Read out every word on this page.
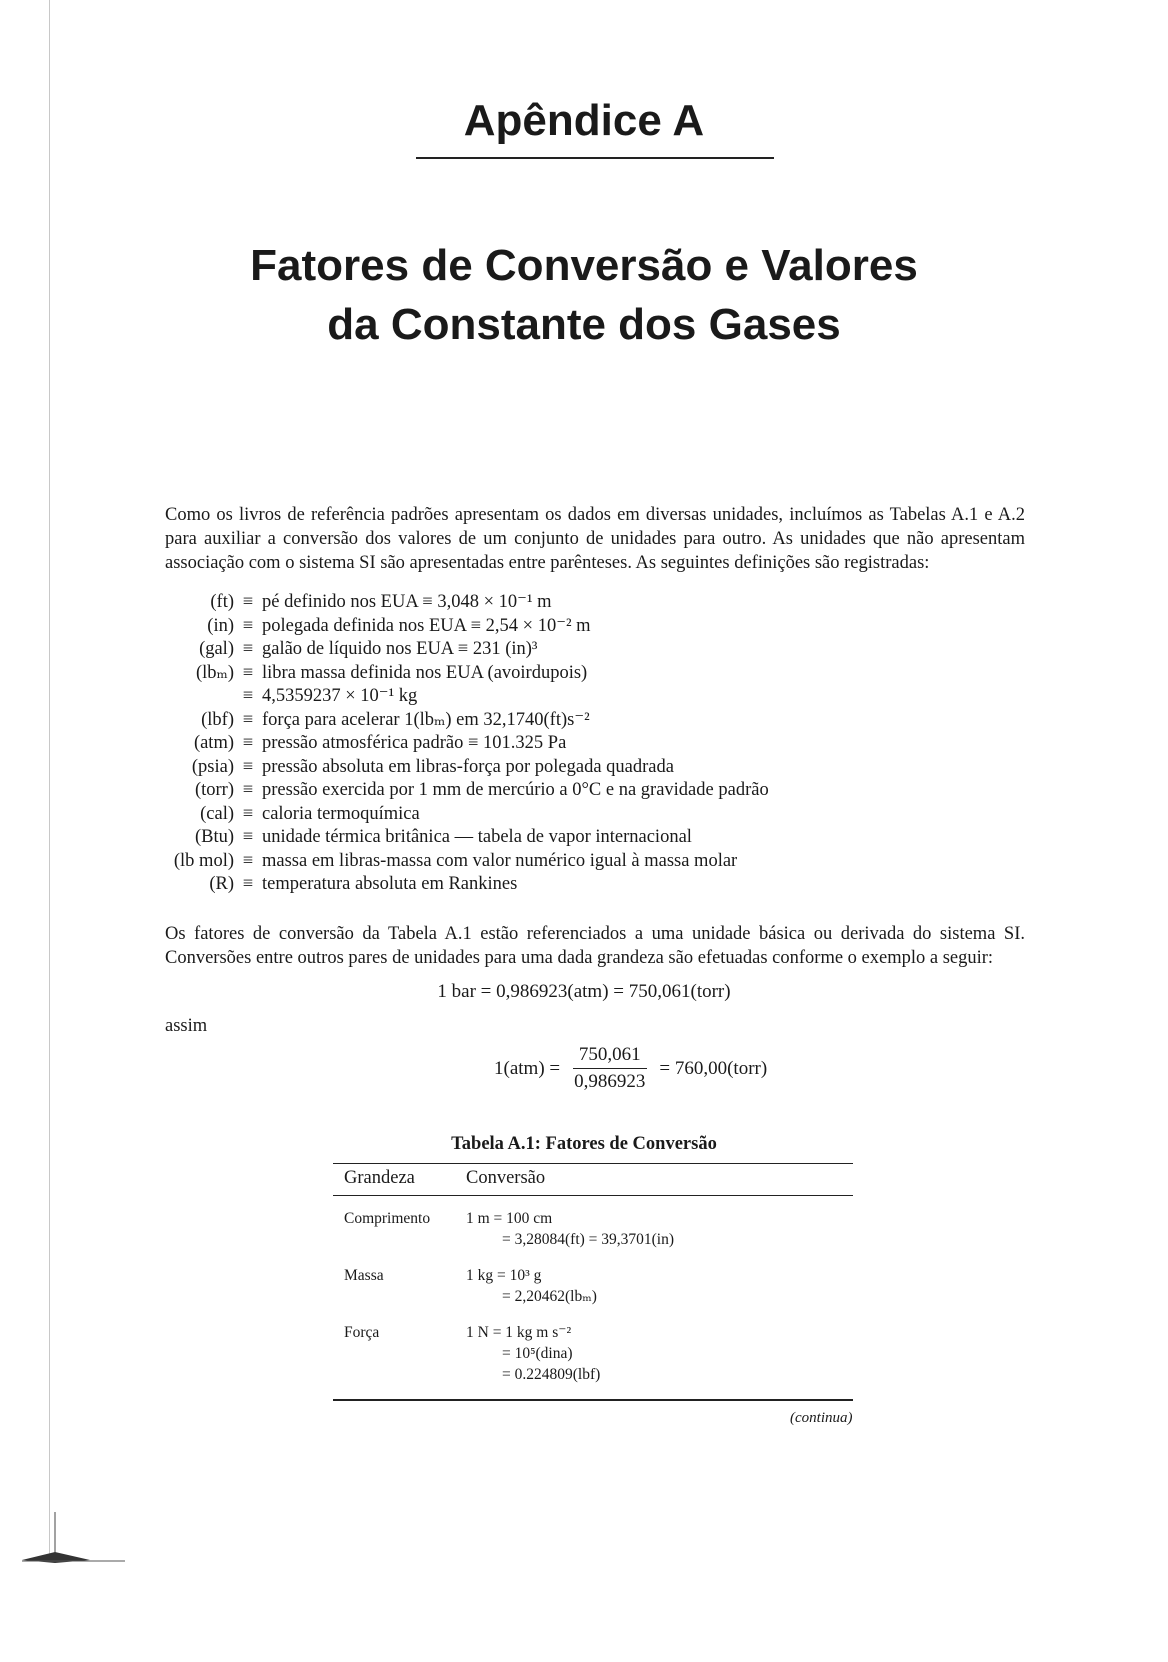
Apêndice A
Fatores de Conversão e Valores
da Constante dos Gases

Como os livros de referência padrões apresentam os dados em diversas unidades, incluímos as Tabelas A.1 e A.2 para auxiliar a conversão dos valores de um conjunto de unidades para outro. As unidades que não apresentam associação com o sistema SI são apresentadas entre parênteses. As seguintes definições são registradas:

(ft) ≡ pé definido nos EUA ≡ 3,048 × 10⁻¹ m
(in) ≡ polegada definida nos EUA ≡ 2,54 × 10⁻² m
(gal) ≡ galão de líquido nos EUA ≡ 231 (in)³
(lbₘ) ≡ libra massa definida nos EUA (avoirdupois)
≡ 4,5359237 × 10⁻¹ kg
(lbf) ≡ força para acelerar 1(lbₘ) em 32,1740(ft)s⁻²
(atm) ≡ pressão atmosférica padrão ≡ 101.325 Pa
(psia) ≡ pressão absoluta em libras-força por polegada quadrada
(torr) ≡ pressão exercida por 1 mm de mercúrio a 0°C e na gravidade padrão
(cal) ≡ caloria termoquímica
(Btu) ≡ unidade térmica britânica — tabela de vapor internacional
(lb mol) ≡ massa em libras-massa com valor numérico igual à massa molar
(R) ≡ temperatura absoluta em Rankines

Os fatores de conversão da Tabela A.1 estão referenciados a uma unidade básica ou derivada do sistema SI. Conversões entre outros pares de unidades para uma dada grandeza são efetuadas conforme o exemplo a seguir:

1 bar = 0,986923(atm) = 750,061(torr)
assim
$1(atm) = \frac{750,061}{0,986923}$ = 760,00(torr)
Tabela A.1: Fatores de Conversão
Grandeza	Conversão
Comprimento	1 m = 100 cm
= 3,28084(ft) = 39,3701(in)
Massa	1 kg = 10³ g
= 2,20462(lbₘ)
Força	1 N = 1 kg m s⁻²
= 10⁵(dina)
= 0.224809(lbf)
(continua)
